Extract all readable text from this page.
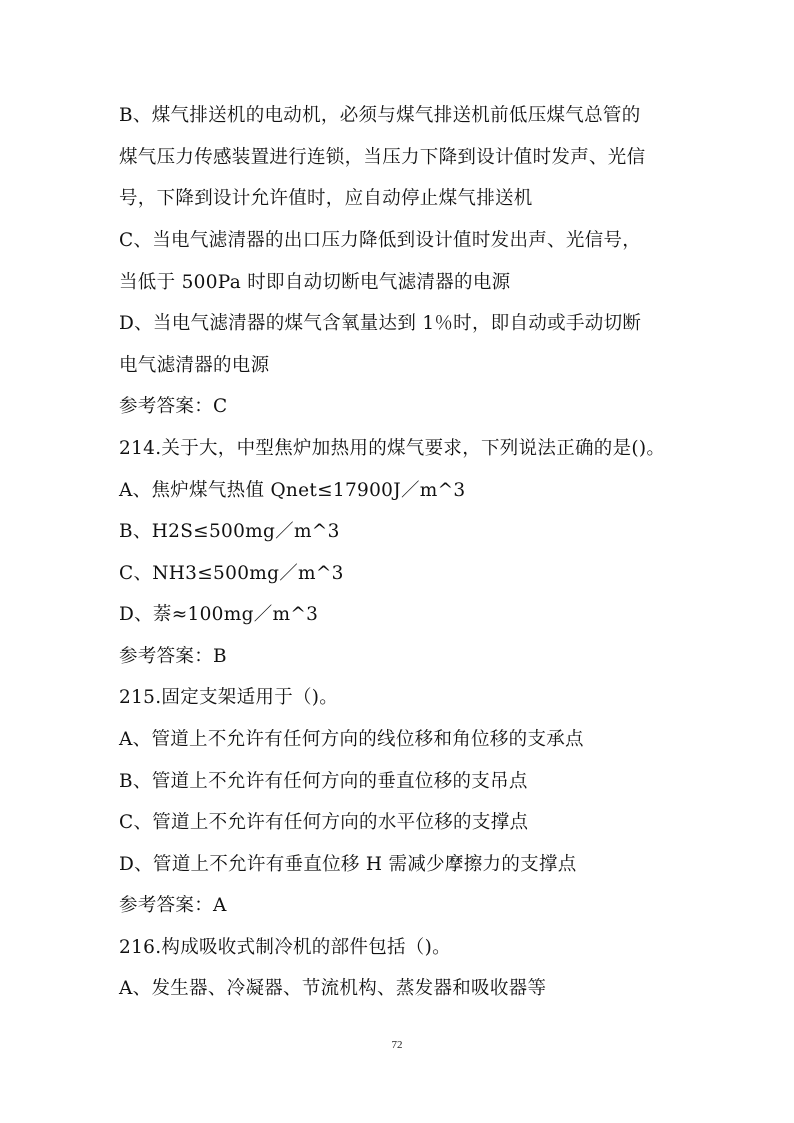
B、煤气排送机的电动机，必须与煤气排送机前低压煤气总管的
煤气压力传感装置进行连锁，当压力下降到设计值时发声、光信
号，下降到设计允许值时，应自动停止煤气排送机
C、当电气滤清器的出口压力降低到设计值时发出声、光信号，
当低于 500Pa 时即自动切断电气滤清器的电源
D、当电气滤清器的煤气含氧量达到 1％时，即自动或手动切断
电气滤清器的电源
参考答案：C
214.关于大，中型焦炉加热用的煤气要求，下列说法正确的是()。
A、焦炉煤气热值 Qnet≤17900J／m^3
B、H2S≤500mg／m^3
C、NH3≤500mg／m^3
D、萘≈100mg／m^3
参考答案：B
215.固定支架适用于（)。
A、管道上不允许有任何方向的线位移和角位移的支承点
B、管道上不允许有任何方向的垂直位移的支吊点
C、管道上不允许有任何方向的水平位移的支撑点
D、管道上不允许有垂直位移 H 需减少摩擦力的支撑点
参考答案：A
216.构成吸收式制冷机的部件包括（)。
A、发生器、冷凝器、节流机构、蒸发器和吸收器等
72
